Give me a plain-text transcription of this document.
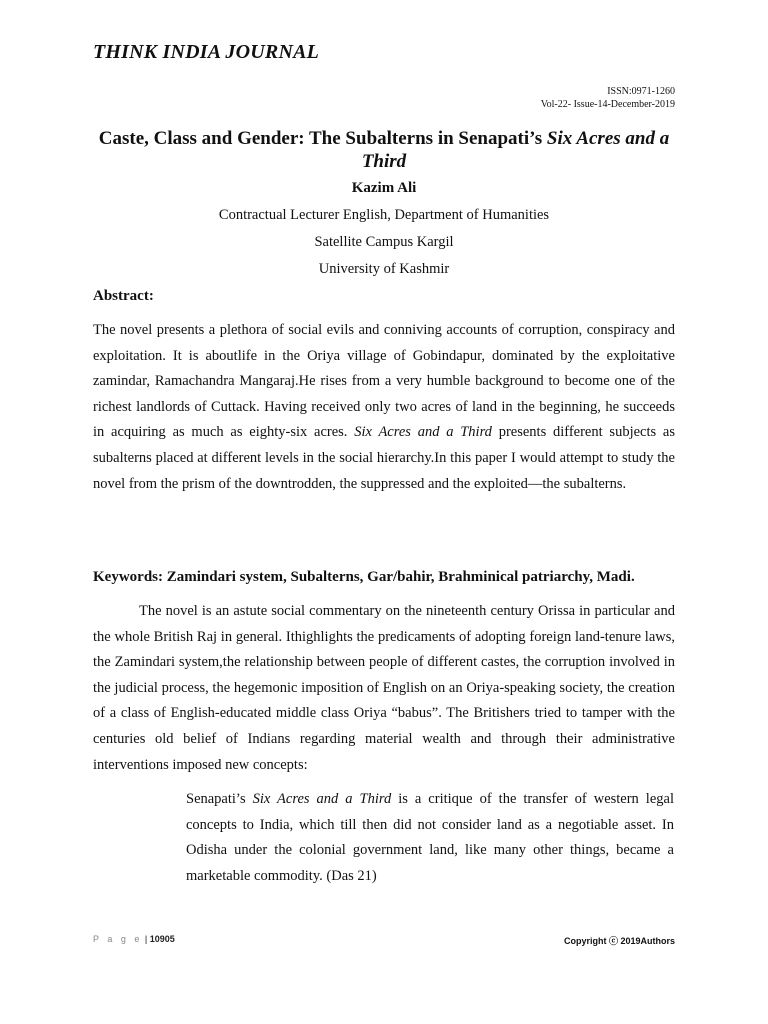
THINK INDIA JOURNAL
ISSN:0971-1260
Vol-22- Issue-14-December-2019
Caste, Class and Gender: The Subalterns in Senapati’s Six Acres and a Third
Kazim Ali
Contractual Lecturer English, Department of Humanities
Satellite Campus Kargil
University of Kashmir
Abstract:
The novel presents a plethora of social evils and conniving accounts of corruption, conspiracy and exploitation. It is aboutlife in the Oriya village of Gobindapur, dominated by the exploitative zamindar, Ramachandra Mangaraj.He rises from a very humble background to become one of the richest landlords of Cuttack. Having received only two acres of land in the beginning, he succeeds in acquiring as much as eighty-six acres. Six Acres and a Third presents different subjects as subalterns placed at different levels in the social hierarchy.In this paper I would attempt to study the novel from the prism of the downtrodden, the suppressed and the exploited—the subalterns.
Keywords: Zamindari system, Subalterns, Gar/bahir, Brahminical patriarchy, Madi.
The novel is an astute social commentary on the nineteenth century Orissa in particular and the whole British Raj in general. Ithighlights the predicaments of adopting foreign land-tenure laws, the Zamindari system,the relationship between people of different castes, the corruption involved in the judicial process, the hegemonic imposition of English on an Oriya-speaking society, the creation of a class of English-educated middle class Oriya “babus”. The Britishers tried to tamper with the centuries old belief of Indians regarding material wealth and through their administrative interventions imposed new concepts:
Senapati’s Six Acres and a Third is a critique of the transfer of western legal concepts to India, which till then did not consider land as a negotiable asset. In Odisha under the colonial government land, like many other things, became a marketable commodity. (Das 21)
P a g e | 10905	Copyright ⓒ 2019Authors
